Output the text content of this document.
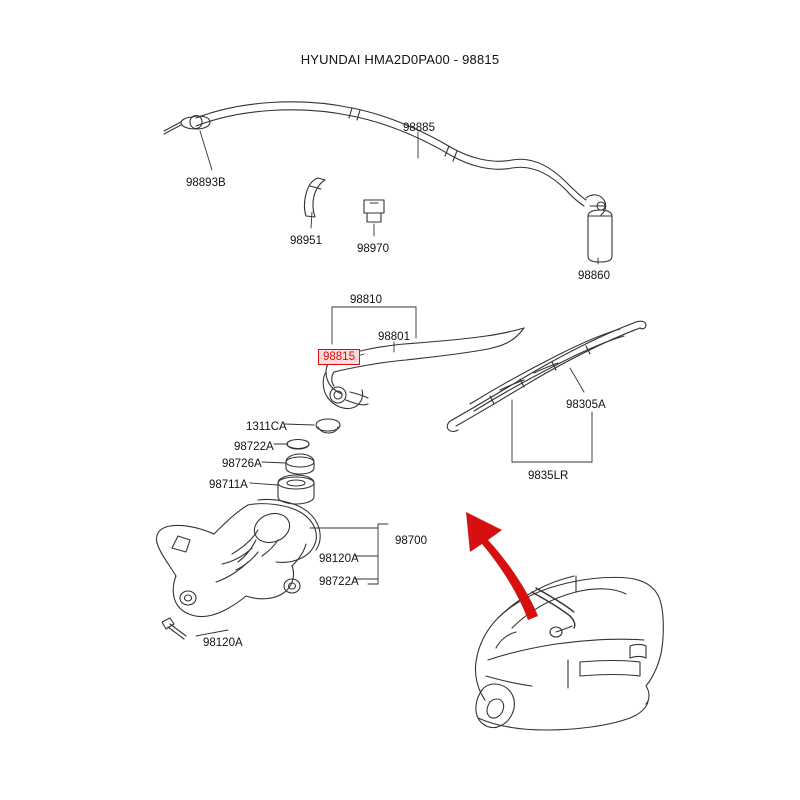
HYUNDAI HMA2D0PA00 - 98815
98885
98893B
98951
98970
98860
98810
98801
98815
98305A
9835LR
1311CA
98722A
98726A
98711A
98700
98120A
98722A
98120A
